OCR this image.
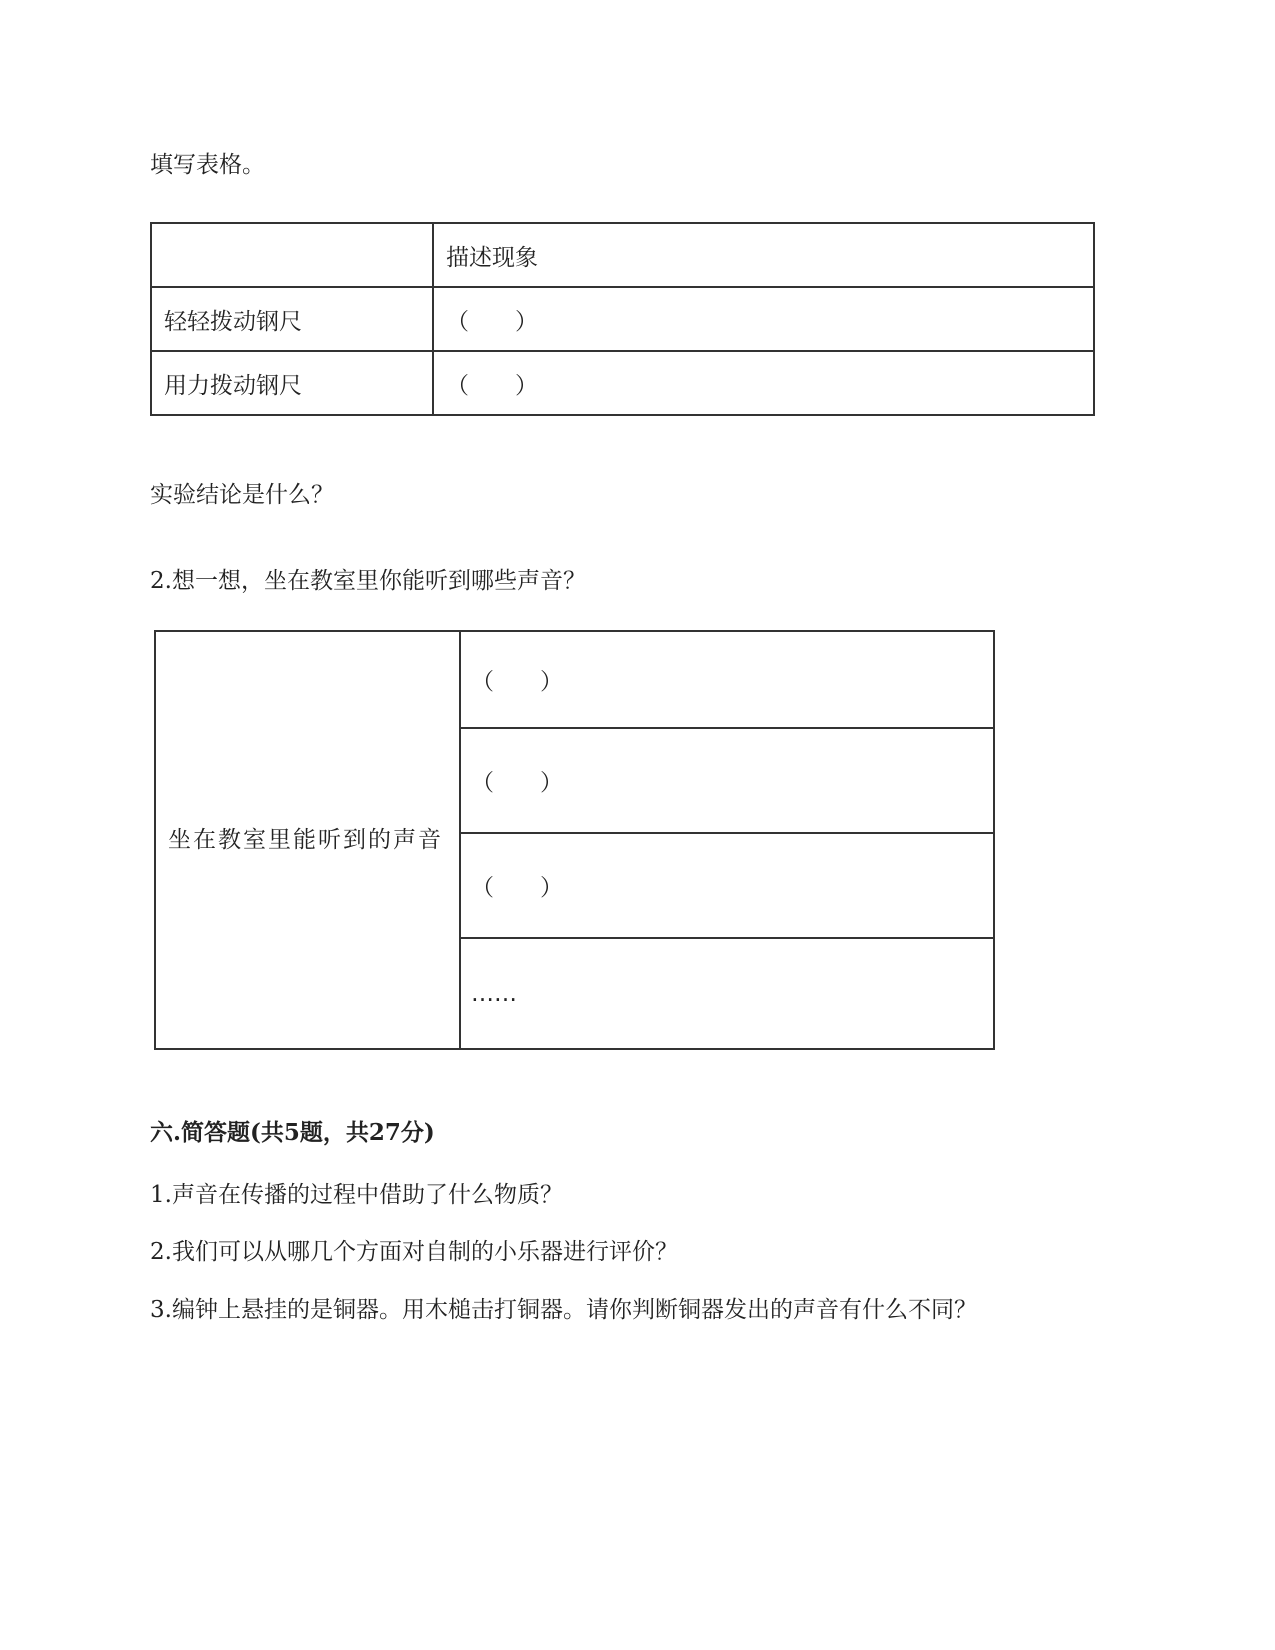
填写表格。

	描述现象
轻轻拨动钢尺	（　　）
用力拨动钢尺	（　　）

实验结论是什么？

2.想一想，坐在教室里你能听到哪些声音？

坐在教室里能听到的声音	（　　）
（　　）
（　　）
……

六.简答题(共5题，共27分)

1.声音在传播的过程中借助了什么物质？

2.我们可以从哪几个方面对自制的小乐器进行评价？

3.编钟上悬挂的是铜器。用木槌击打铜器。请你判断铜器发出的声音有什么不同？
